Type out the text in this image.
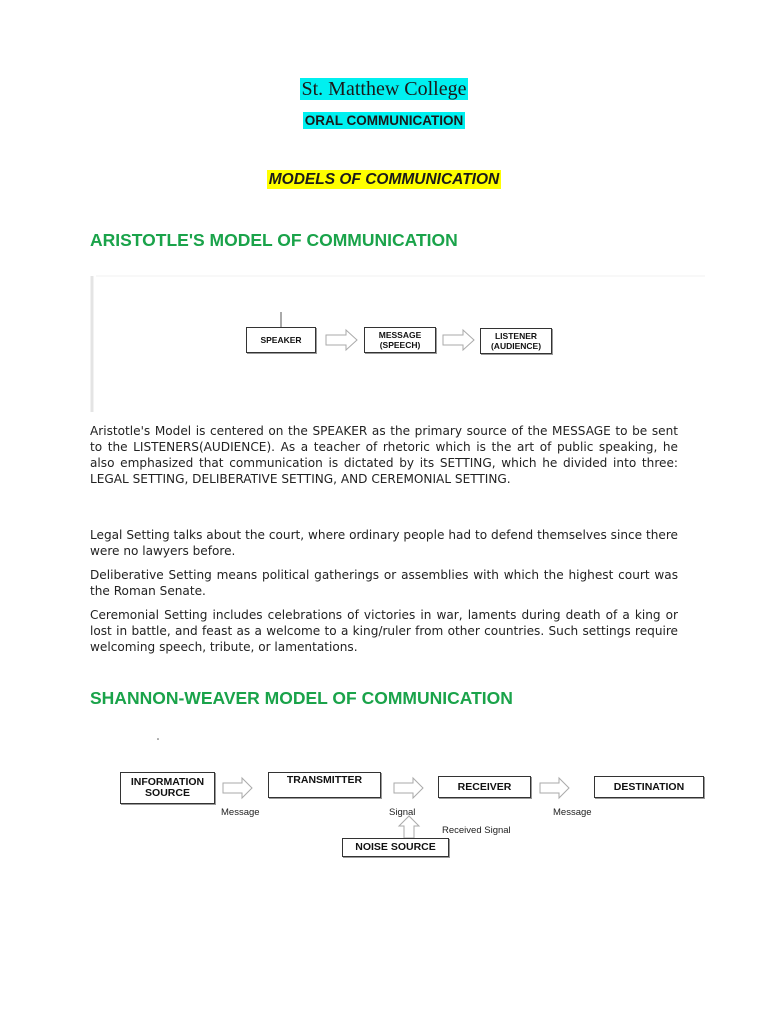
St. Matthew College
ORAL COMMUNICATION
MODELS OF COMMUNICATION
ARISTOTLE'S MODEL OF COMMUNICATION
SPEAKER	MESSAGE
(SPEECH)
LISTENER
(AUDIENCE)

Aristotle's Model is centered on the SPEAKER as the primary source of the MESSAGE to be sent to the LISTENERS(AUDIENCE). As a teacher of rhetoric which is the art of public speaking, he also emphasized that communication is dictated by its SETTING, which he divided into three: LEGAL SETTING, DELIBERATIVE SETTING, AND CEREMONIAL SETTING.

Legal Setting talks about the court, where ordinary people had to defend themselves since there were no lawyers before.

Deliberative Setting means political gatherings or assemblies with which the highest court was the Roman Senate.

Ceremonial Setting includes celebrations of victories in war, laments during death of a king or lost in battle, and feast as a welcome to a king/ruler from other countries. Such settings require welcoming speech, tribute, or lamentations.

SHANNON-WEAVER MODEL OF COMMUNICATION
INFORMATION
SOURCE
TRANSMITTER
RECEIVER	DESTINATION
NOISE SOURCE
Message	Signal
Received Signal
Message
